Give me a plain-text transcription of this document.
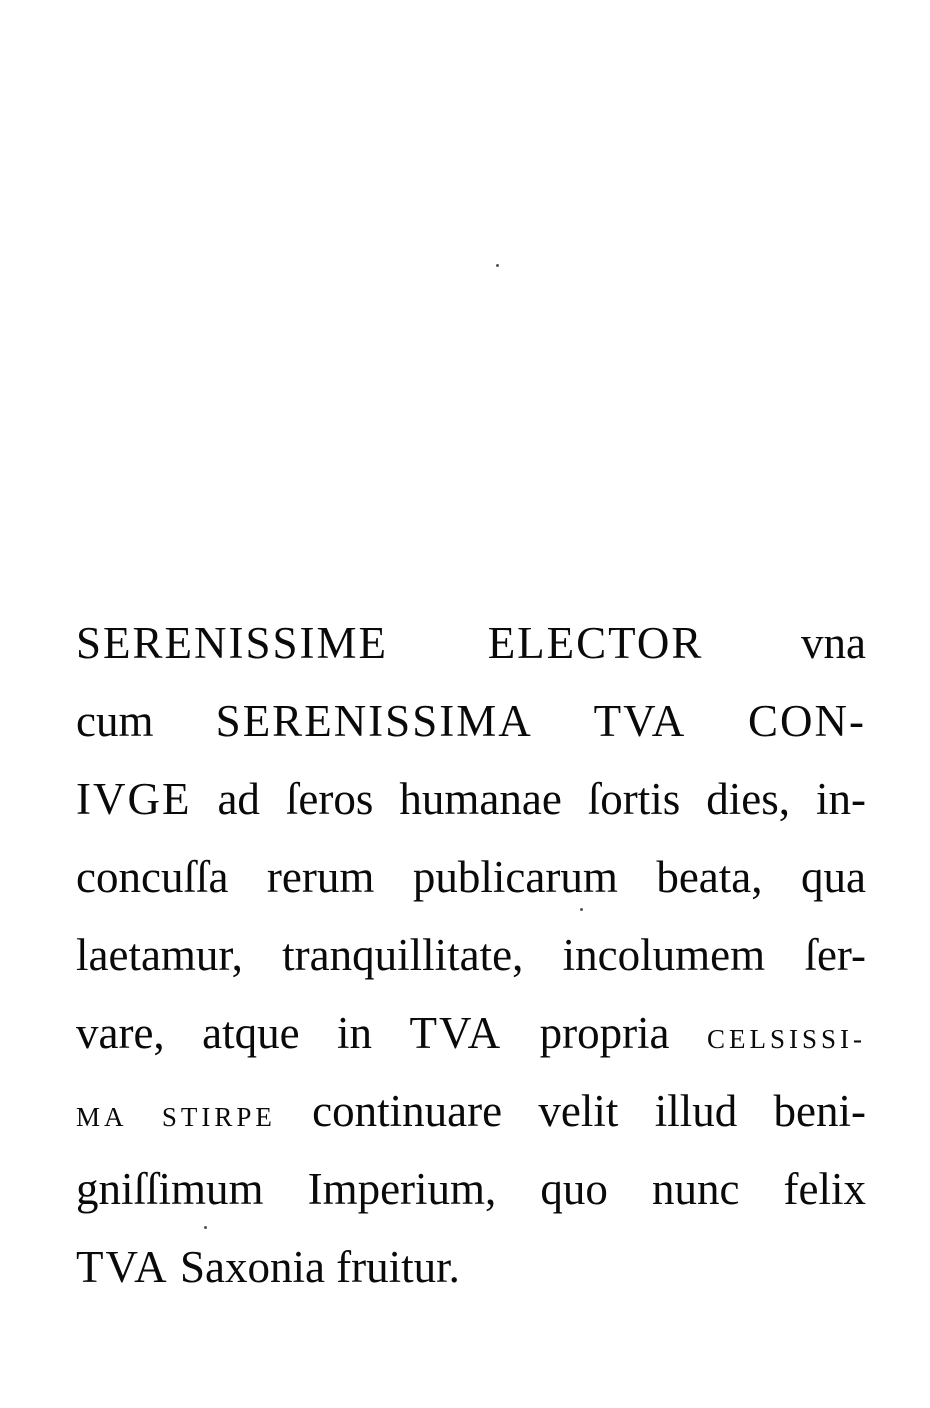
SERENISSIME ELECTOR vna
cum SERENISSIMA TVA CON-
IVGE ad ſeros humanae ſortis dies, in-
concuſſa rerum publicarum beata, qua
laetamur, tranquillitate, incolumem ſer-
vare, atque in TVA propria CELSISSI-
MA STIRPE continuare velit illud beni-
gniſſimum Imperium, quo nunc felix
TVA Saxonia fruitur.
